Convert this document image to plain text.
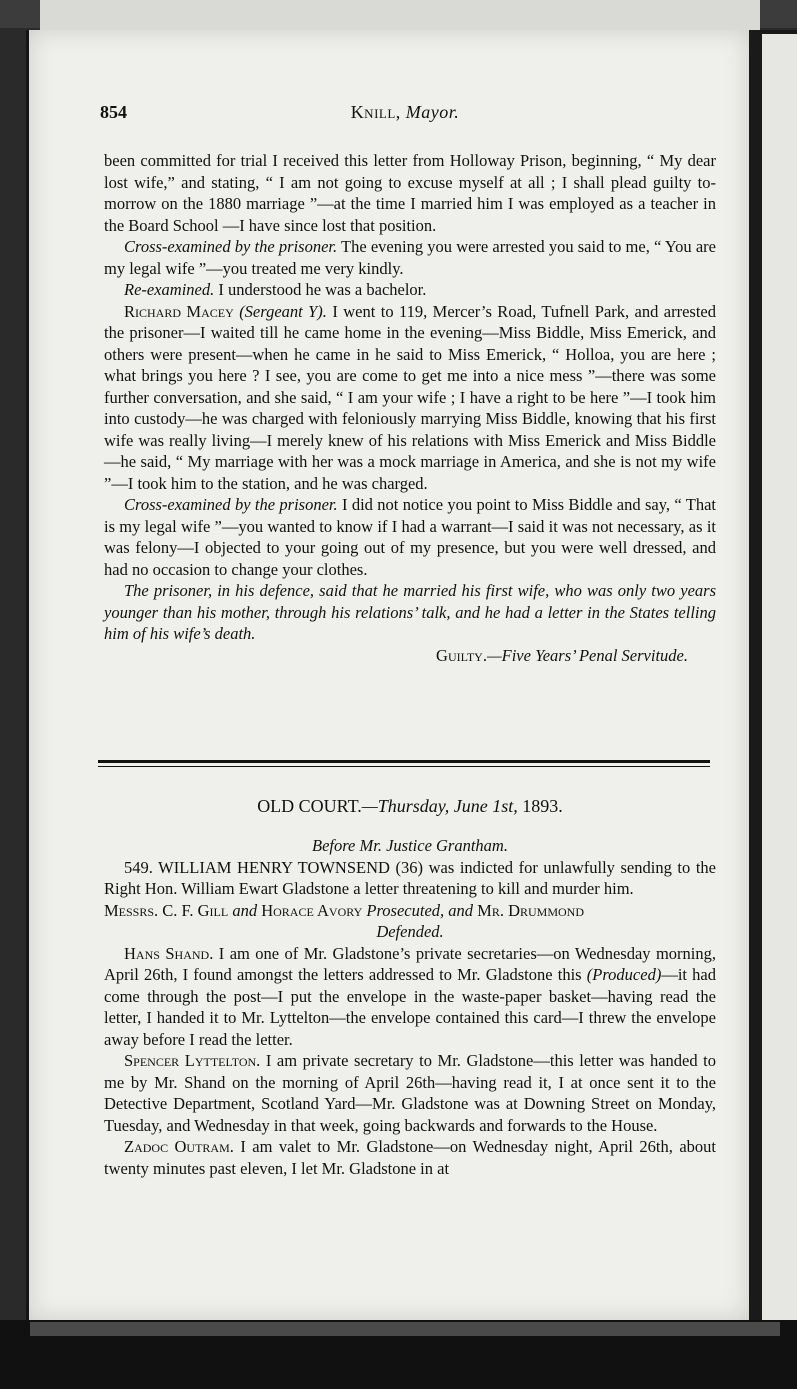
854	Knill, Mayor.

been committed for trial I received this letter from Holloway Prison, beginning, “ My dear lost wife,” and stating, “ I am not going to excuse myself at all ; I shall plead guilty to-morrow on the 1880 marriage ”—at the time I married him I was employed as a teacher in the Board School —I have since lost that position.

Cross-examined by the prisoner. The evening you were arrested you said to me, “ You are my legal wife ”—you treated me very kindly.

Re-examined. I understood he was a bachelor.

Richard Macey (Sergeant Y). I went to 119, Mercer’s Road, Tufnell Park, and arrested the prisoner—I waited till he came home in the evening—Miss Biddle, Miss Emerick, and others were present—when he came in he said to Miss Emerick, “ Holloa, you are here ; what brings you here ? I see, you are come to get me into a nice mess ”—there was some further conversation, and she said, “ I am your wife ; I have a right to be here ”—I took him into custody—he was charged with feloniously marrying Miss Biddle, knowing that his first wife was really living—I merely knew of his relations with Miss Emerick and Miss Biddle—he said, “ My marriage with her was a mock marriage in America, and she is not my wife ”—I took him to the station, and he was charged.

Cross-examined by the prisoner. I did not notice you point to Miss Biddle and say, “ That is my legal wife ”—you wanted to know if I had a warrant—I said it was not necessary, as it was felony—I objected to your going out of my presence, but you were well dressed, and had no occasion to change your clothes.

The prisoner, in his defence, said that he married his first wife, who was only two years younger than his mother, through his relations’ talk, and he had a letter in the States telling him of his wife’s death.

Guilty.—Five Years’ Penal Servitude.

OLD COURT.—Thursday, June 1st, 1893.

Before Mr. Justice Grantham.

549. WILLIAM HENRY TOWNSEND (36) was indicted for unlawfully sending to the Right Hon. William Ewart Gladstone a letter threatening to kill and murder him.

Messrs. C. F. Gill and Horace Avory Prosecuted, and Mr. Drummond

Defended.

Hans Shand. I am one of Mr. Gladstone’s private secretaries—on Wednesday morning, April 26th, I found amongst the letters addressed to Mr. Gladstone this (Produced)—it had come through the post—I put the envelope in the waste-paper basket—having read the letter, I handed it to Mr. Lyttelton—the envelope contained this card—I threw the envelope away before I read the letter.

Spencer Lyttelton. I am private secretary to Mr. Gladstone—this letter was handed to me by Mr. Shand on the morning of April 26th—having read it, I at once sent it to the Detective Department, Scotland Yard—Mr. Gladstone was at Downing Street on Monday, Tuesday, and Wednesday in that week, going backwards and forwards to the House.

Zadoc Outram. I am valet to Mr. Gladstone—on Wednesday night, April 26th, about twenty minutes past eleven, I let Mr. Gladstone in at
